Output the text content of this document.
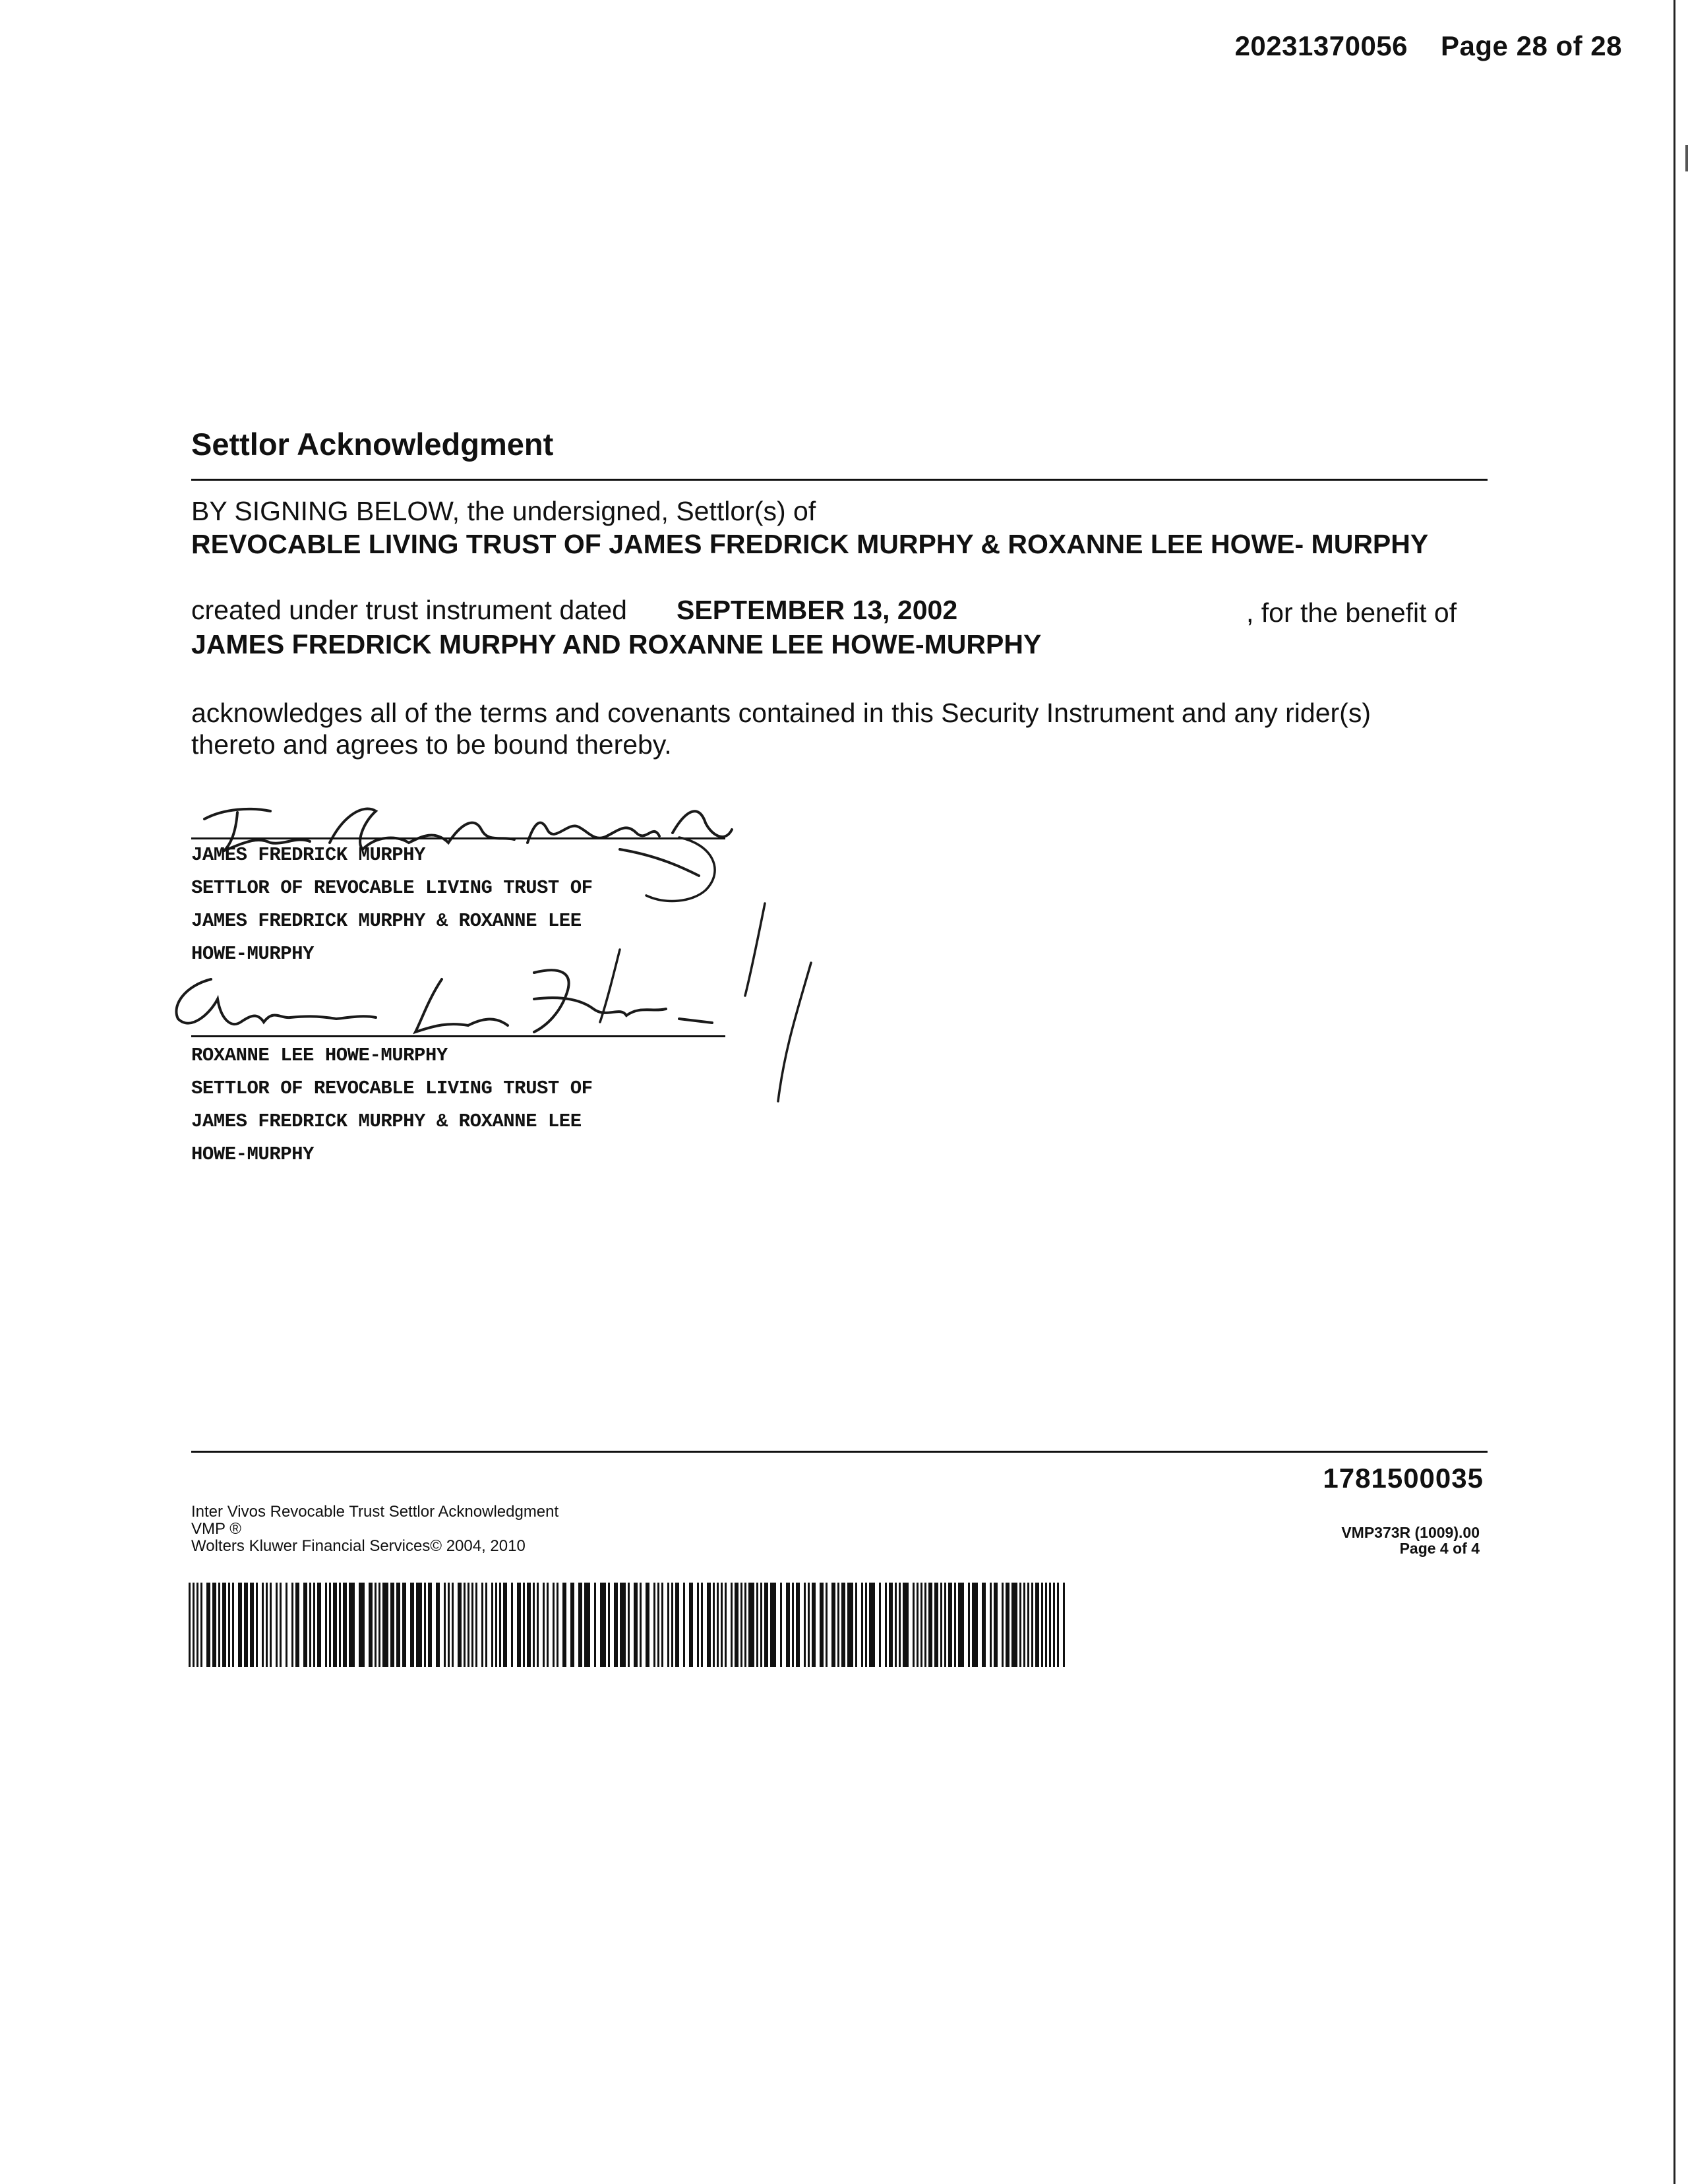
20231370056 Page 28 of 28
Settlor Acknowledgment
BY SIGNING BELOW, the undersigned, Settlor(s) of
REVOCABLE LIVING TRUST OF JAMES FREDRICK MURPHY & ROXANNE LEE HOWE- MURPHY
created under trust instrument dated SEPTEMBER 13, 2002	, for the benefit of
JAMES FREDRICK MURPHY AND ROXANNE LEE HOWE-MURPHY
acknowledges all of the terms and covenants contained in this Security Instrument and any rider(s)
thereto and agrees to be bound thereby.
JAMES FREDRICK MURPHY
SETTLOR OF REVOCABLE LIVING TRUST OF
JAMES FREDRICK MURPHY & ROXANNE LEE
HOWE-MURPHY
ROXANNE LEE HOWE-MURPHY
SETTLOR OF REVOCABLE LIVING TRUST OF
JAMES FREDRICK MURPHY & ROXANNE LEE
HOWE-MURPHY
1781500035
Inter Vivos Revocable Trust Settlor Acknowledgment
VMP ®
Wolters Kluwer Financial Services© 2004, 2010
VMP373R (1009).00
Page 4 of 4
